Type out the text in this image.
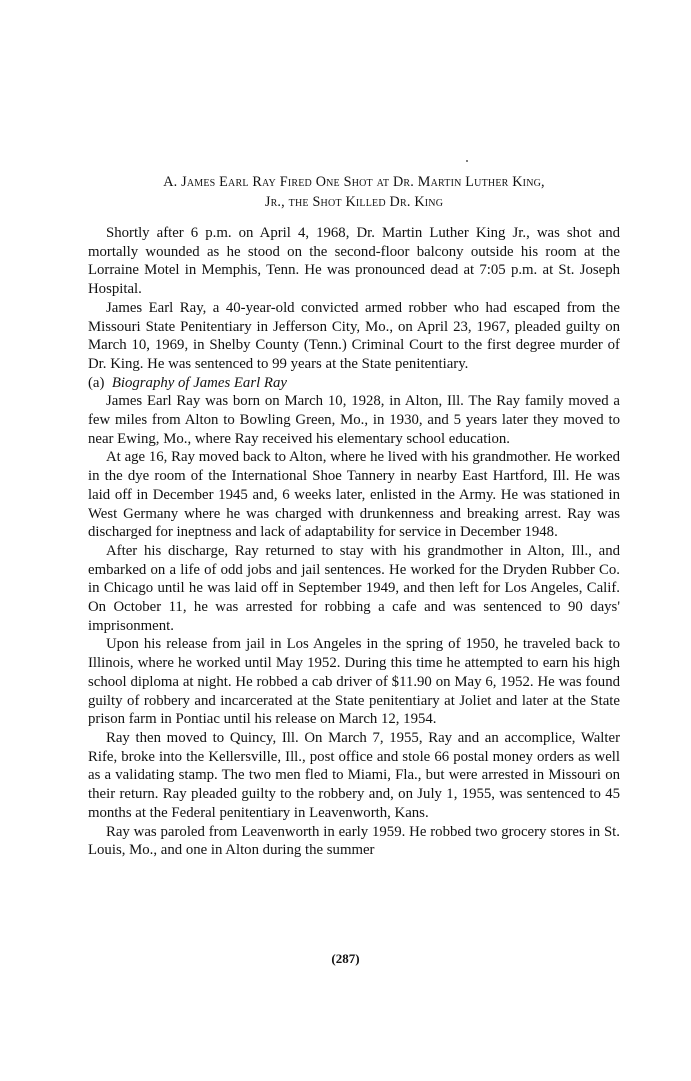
A. James Earl Ray Fired One Shot at Dr. Martin Luther King,
Jr., the Shot Killed Dr. King

Shortly after 6 p.m. on April 4, 1968, Dr. Martin Luther King Jr., was shot and mortally wounded as he stood on the second-floor balcony outside his room at the Lorraine Motel in Memphis, Tenn. He was pronounced dead at 7:05 p.m. at St. Joseph Hospital.

James Earl Ray, a 40-year-old convicted armed robber who had escaped from the Missouri State Penitentiary in Jefferson City, Mo., on April 23, 1967, pleaded guilty on March 10, 1969, in Shelby County (Tenn.) Criminal Court to the first degree murder of Dr. King. He was sentenced to 99 years at the State penitentiary.

(a) Biography of James Earl Ray

James Earl Ray was born on March 10, 1928, in Alton, Ill. The Ray family moved a few miles from Alton to Bowling Green, Mo., in 1930, and 5 years later they moved to near Ewing, Mo., where Ray received his elementary school education.

At age 16, Ray moved back to Alton, where he lived with his grandmother. He worked in the dye room of the International Shoe Tannery in nearby East Hartford, Ill. He was laid off in December 1945 and, 6 weeks later, enlisted in the Army. He was stationed in West Germany where he was charged with drunkenness and breaking arrest. Ray was discharged for ineptness and lack of adaptability for service in December 1948.

After his discharge, Ray returned to stay with his grandmother in Alton, Ill., and embarked on a life of odd jobs and jail sentences. He worked for the Dryden Rubber Co. in Chicago until he was laid off in September 1949, and then left for Los Angeles, Calif. On October 11, he was arrested for robbing a cafe and was sentenced to 90 days' imprisonment.

Upon his release from jail in Los Angeles in the spring of 1950, he traveled back to Illinois, where he worked until May 1952. During this time he attempted to earn his high school diploma at night. He robbed a cab driver of $11.90 on May 6, 1952. He was found guilty of robbery and incarcerated at the State penitentiary at Joliet and later at the State prison farm in Pontiac until his release on March 12, 1954.

Ray then moved to Quincy, Ill. On March 7, 1955, Ray and an accomplice, Walter Rife, broke into the Kellersville, Ill., post office and stole 66 postal money orders as well as a validating stamp. The two men fled to Miami, Fla., but were arrested in Missouri on their return. Ray pleaded guilty to the robbery and, on July 1, 1955, was sentenced to 45 months at the Federal penitentiary in Leavenworth, Kans.

Ray was paroled from Leavenworth in early 1959. He robbed two grocery stores in St. Louis, Mo., and one in Alton during the summer

(287)
